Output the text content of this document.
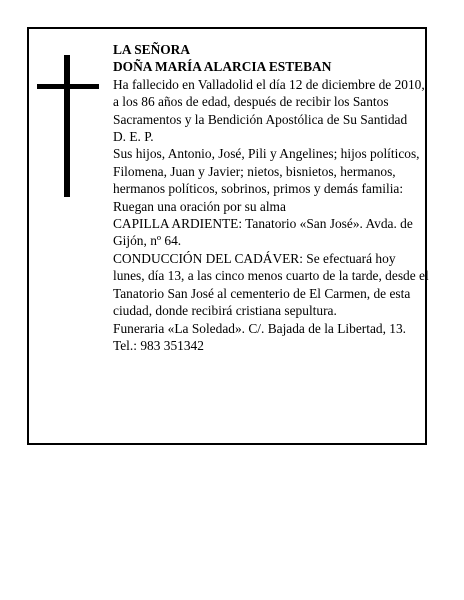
LA SEÑORA

DOÑA MARÍA ALARCIA ESTEBAN

Ha fallecido en Valladolid el día 12 de diciembre de 2010, a los 86 años de edad, después de recibir los Santos Sacramentos y la Bendición Apostólica de Su Santidad

D. E. P.

Sus hijos, Antonio, José, Pili y Angelines; hijos políticos, Filomena, Juan y Javier; nietos, bisnietos, hermanos, hermanos políticos, sobrinos, primos y demás familia:

Ruegan una oración por su alma

CAPILLA ARDIENTE: Tanatorio «San José». Avda. de Gijón, nº 64.

CONDUCCIÓN DEL CADÁVER: Se efectuará hoy lunes, día 13, a las cinco menos cuarto de la tarde, desde el Tanatorio San José al cementerio de El Carmen, de esta ciudad, donde recibirá cristiana sepultura.

Funeraria «La Soledad». C/. Bajada de la Libertad, 13. Tel.: 983 351342
